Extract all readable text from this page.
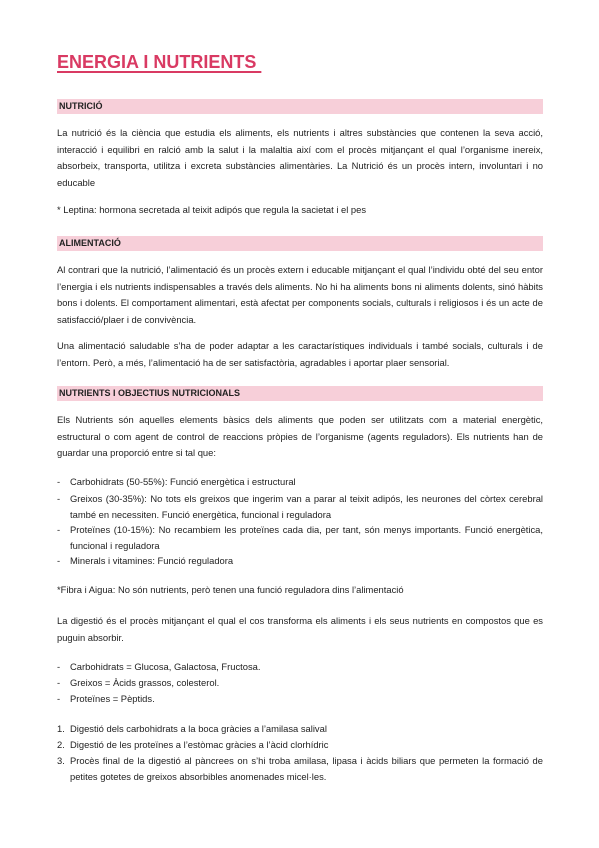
ENERGIA I NUTRIENTS
NUTRICIÓ
La nutrició és la ciència que estudia els aliments, els nutrients i altres substàncies que contenen la seva acció, interacció i equilibri en ralció amb la salut i la malaltia així com el procès mitjançant el qual l’organisme inereix, absorbeix, transporta, utilitza i excreta substàncies alimentàries. La Nutrició és un procès intern, involuntari i no educable
* Leptina: hormona secretada al teixit adipós que regula la sacietat i el pes
ALIMENTACIÓ
Al contrari que la nutrició, l’alimentació és un procès extern i educable mitjançant el qual l’individu obté del seu entor l’energia i els nutrients indispensables a través dels aliments. No hi ha aliments bons ni aliments dolents, sinó hàbits bons i dolents. El comportament alimentari, està afectat per components socials, culturals i religiosos i és un acte de satisfacció/plaer i de convivència.
Una alimentació saludable s’ha de poder adaptar a les caractarístiques individuals i també socials, culturals i de l’entorn. Però, a més, l’alimentació ha de ser satisfactòria, agradables i aportar plaer sensorial.
NUTRIENTS I OBJECTIUS NUTRICIONALS
Els Nutrients són aquelles elements bàsics dels aliments que poden ser utilitzats com a material energètic, estructural o com agent de control de reaccions pròpies de l’organisme (agents reguladors). Els nutrients han de guardar una proporció entre si tal que:
- Carbohidrats (50-55%): Funció energètica i estructural
- Greixos (30-35%): No tots els greixos que ingerim van a parar al teixit adipós, les neurones del còrtex cerebral també en necessiten. Funció energètica, funcional i reguladora
- Proteïnes (10-15%): No recambiem les proteïnes cada dia, per tant, són menys importants. Funció energètica, funcional i reguladora
- Minerals i vitamines: Funció reguladora
*Fibra i Aigua: No són nutrients, però tenen una funció reguladora dins l’alimentació
La digestió és el procès mitjançant el qual el cos transforma els aliments i els seus nutrients en compostos que es puguin absorbir.
- Carbohidrats = Glucosa, Galactosa, Fructosa.
- Greixos = Àcids grassos, colesterol.
- Proteïnes = Pèptids.
1. Digestió dels carbohidrats a la boca gràcies a l’amilasa salival
2. Digestió de les proteïnes a l’estòmac gràcies a l’àcid clorhídric
3. Procès final de la digestió al pàncrees on s’hi troba amilasa, lipasa i àcids biliars que permeten la formació de petites gotetes de greixos absorbibles anomenades micel·les.
